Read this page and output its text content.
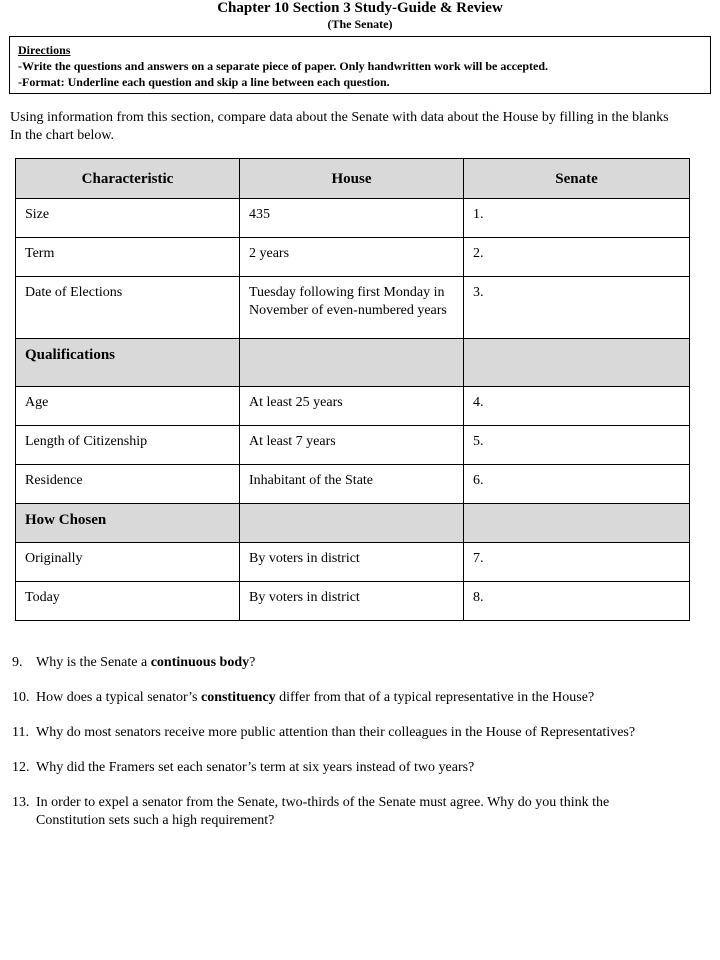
Chapter 10 Section 3 Study-Guide & Review
(The Senate)
Directions
-Write the questions and answers on a separate piece of paper. Only handwritten work will be accepted.
-Format: Underline each question and skip a line between each question.
Using information from this section, compare data about the Senate with data about the House by filling in the blanks
In the chart below.
Characteristic	House	Senate
Size	435	1.
Term	2 years	2.
Date of Elections	Tuesday following first Monday in November of even-numbered years	3.
Qualifications		
Age	At least 25 years	4.
Length of Citizenship	At least 7 years	5.
Residence	Inhabitant of the State	6.
How Chosen		
Originally	By voters in district	7.
Today	By voters in district	8.
9. Why is the Senate a continuous body?
10. How does a typical senator’s constituency differ from that of a typical representative in the House?
11. Why do most senators receive more public attention than their colleagues in the House of Representatives?
12. Why did the Framers set each senator’s term at six years instead of two years?
13. In order to expel a senator from the Senate, two-thirds of the Senate must agree. Why do you think the Constitution sets such a high requirement?
